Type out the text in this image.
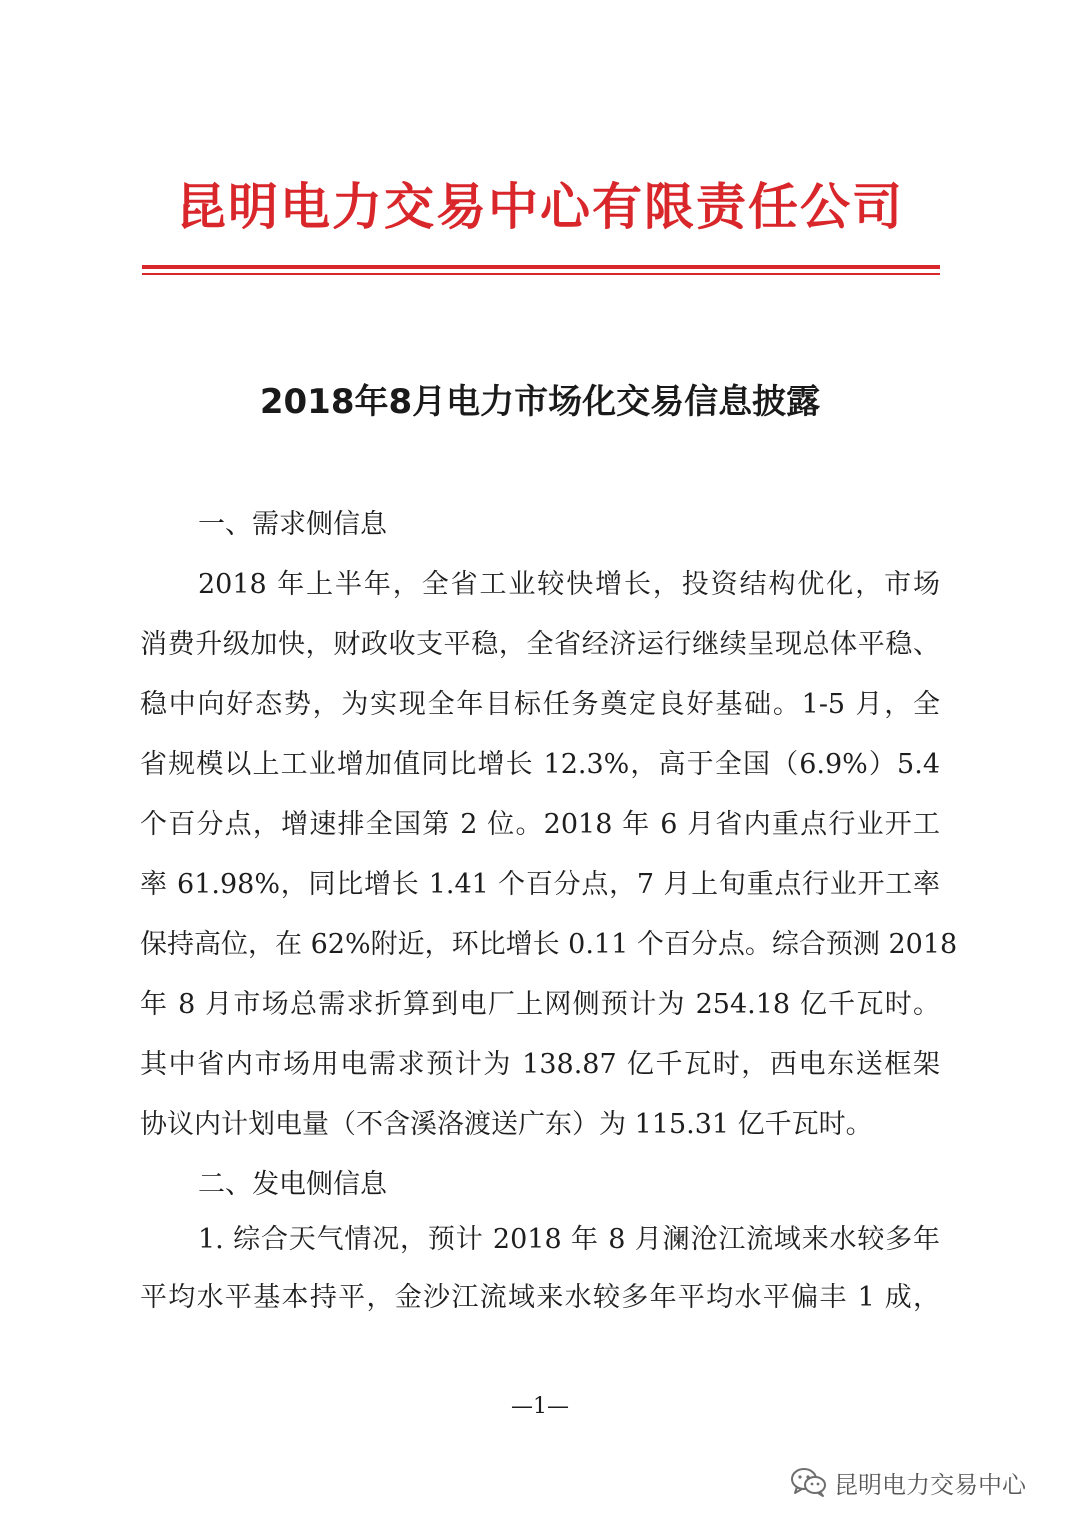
昆明电力交易中心有限责任公司
2018年8月电力市场化交易信息披露
一、需求侧信息
2018 年上半年，全省工业较快增长，投资结构优化，市场
消费升级加快，财政收支平稳，全省经济运行继续呈现总体平稳、
稳中向好态势，为实现全年目标任务奠定良好基础。1-5 月，全
省规模以上工业增加值同比增长 12.3%，高于全国（6.9%）5.4
个百分点，增速排全国第 2 位。2018 年 6 月省内重点行业开工
率 61.98%，同比增长 1.41 个百分点，7 月上旬重点行业开工率
保持高位，在 62%附近，环比增长 0.11 个百分点。综合预测 2018
年 8 月市场总需求折算到电厂上网侧预计为 254.18 亿千瓦时。
其中省内市场用电需求预计为 138.87 亿千瓦时，西电东送框架
协议内计划电量（不含溪洛渡送广东）为 115.31 亿千瓦时。
二、发电侧信息
1. 综合天气情况，预计 2018 年 8 月澜沧江流域来水较多年
平均水平基本持平，金沙江流域来水较多年平均水平偏丰 1 成，
—1—
昆明电力交易中心
